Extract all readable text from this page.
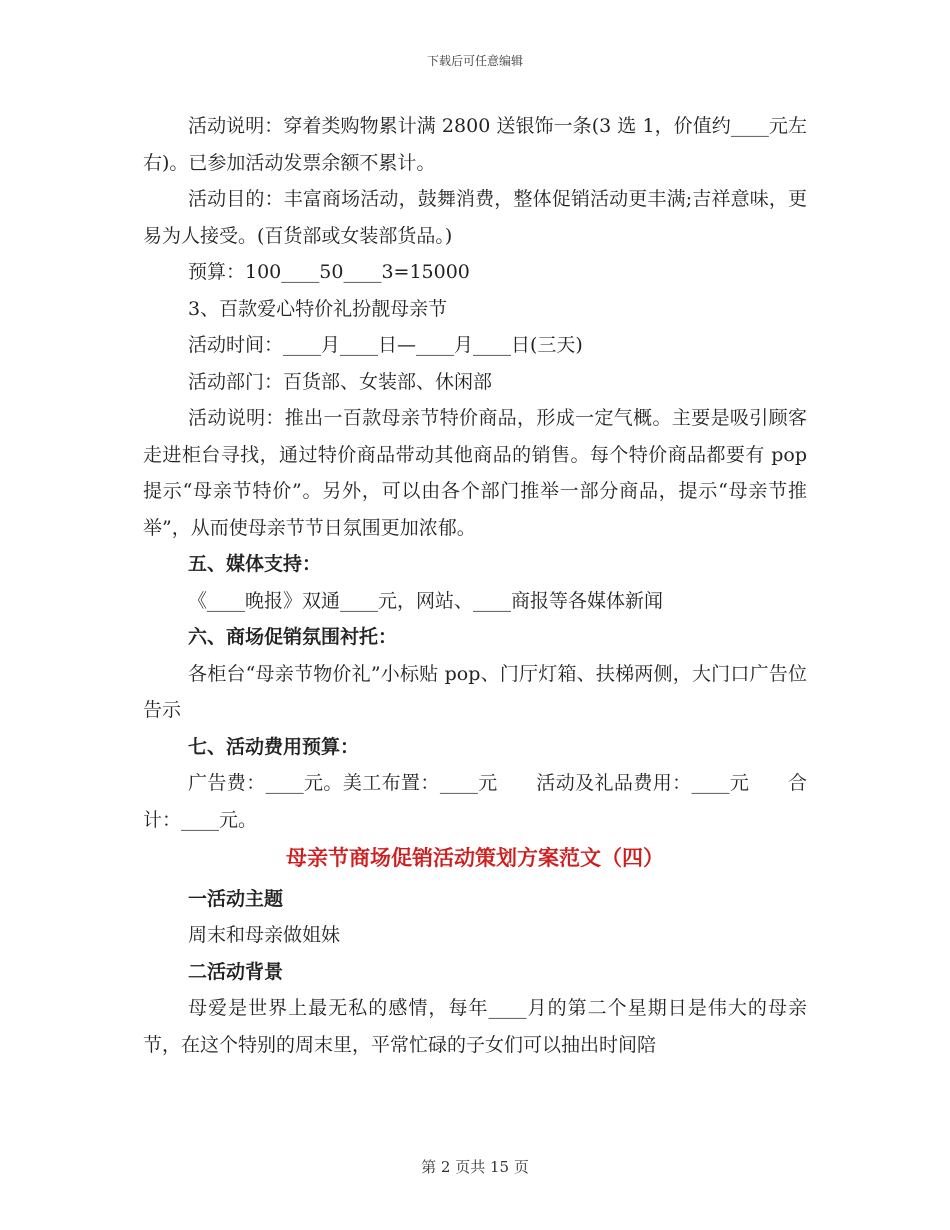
下载后可任意编辑

活动说明：穿着类购物累计满 2800 送银饰一条(3 选 1，价值约____元左右)。已参加活动发票余额不累计。

活动目的：丰富商场活动，鼓舞消费，整体促销活动更丰满;吉祥意味，更易为人接受。(百货部或女装部货品。)

预算：100____50____3=15000

3、百款爱心特价礼扮靓母亲节

活动时间：____月____日—____月____日(三天)

活动部门：百货部、女装部、休闲部

活动说明：推出一百款母亲节特价商品，形成一定气概。主要是吸引顾客走进柜台寻找，通过特价商品带动其他商品的销售。每个特价商品都要有 pop 提示“母亲节特价”。另外，可以由各个部门推举一部分商品，提示“母亲节推举”，从而使母亲节节日氛围更加浓郁。

五、媒体支持：

《____晚报》双通____元，网站、____商报等各媒体新闻

六、商场促销氛围衬托：

各柜台“母亲节物价礼”小标贴 pop、门厅灯箱、扶梯两侧，大门口广告位告示

七、活动费用预算：

广告费：____元。美工布置：____元      活动及礼品费用：____元      合计：____元。

母亲节商场促销活动策划方案范文（四）

一活动主题

周末和母亲做姐妹

二活动背景

母爱是世界上最无私的感情，每年____月的第二个星期日是伟大的母亲节，在这个特别的周末里，平常忙碌的子女们可以抽出时间陪

第 2 页共 15 页
